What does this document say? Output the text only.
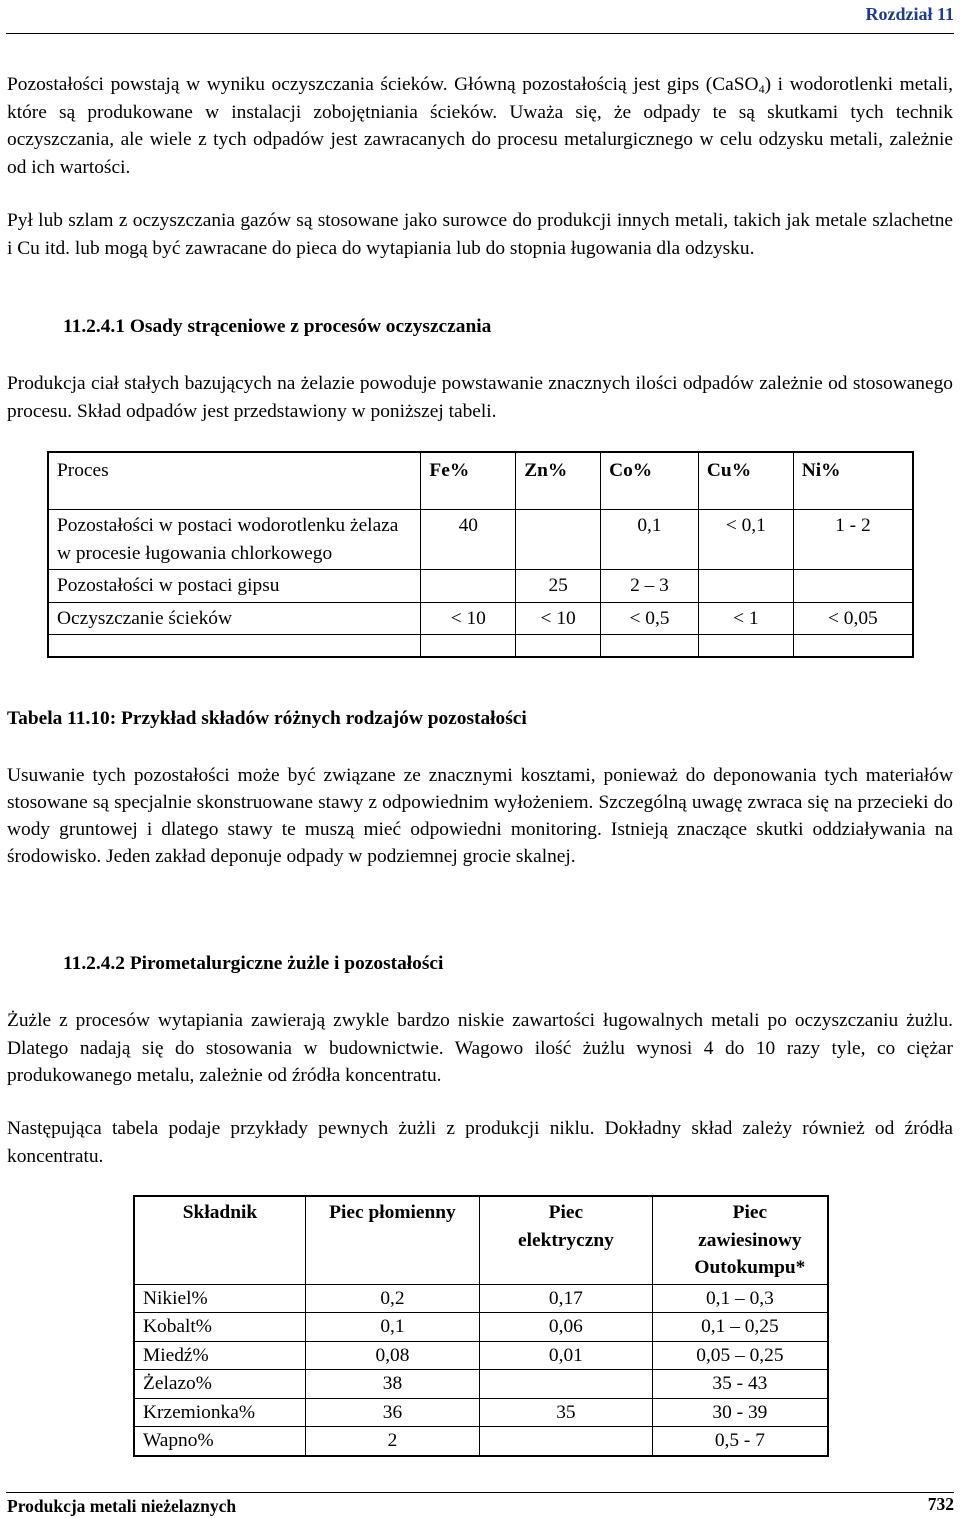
Rozdział 11

Pozostałości powstają w wyniku oczyszczania ścieków. Główną pozostałością jest gips (CaSO$_4$) i wodorotlenki metali, które są produkowane w instalacji zobojętniania ścieków. Uważa się, że odpady te są skutkami tych technik oczyszczania, ale wiele z tych odpadów jest zawracanych do procesu metalurgicznego w celu odzysku metali, zależnie od ich wartości.

Pył lub szlam z oczyszczania gazów są stosowane jako surowce do produkcji innych metali, takich jak metale szlachetne i Cu itd. lub mogą być zawracane do pieca do wytapiania lub do stopnia ługowania dla odzysku.

11.2.4.1 Osady strąceniowe z procesów oczyszczania

Produkcja ciał stałych bazujących na żelazie powoduje powstawanie znacznych ilości odpadów zależnie od stosowanego procesu. Skład odpadów jest przedstawiony w poniższej tabeli.

Proces	Fe%	Zn%	Co%	Cu%	Ni%
Pozostałości w postaci wodorotlenku żelaza w procesie ługowania chlorkowego	40		0,1	< 0,1	1 - 2
Pozostałości w postaci gipsu		25	2 – 3		
Oczyszczanie ścieków	< 10	< 10	< 0,5	< 1	< 0,05

Tabela 11.10: Przykład składów różnych rodzajów pozostałości

Usuwanie tych pozostałości może być związane ze znacznymi kosztami, ponieważ do deponowania tych materiałów stosowane są specjalnie skonstruowane stawy z odpowiednim wyłożeniem. Szczególną uwagę zwraca się na przecieki do wody gruntowej i dlatego stawy te muszą mieć odpowiedni monitoring. Istnieją znaczące skutki oddziaływania na środowisko. Jeden zakład deponuje odpady w podziemnej grocie skalnej.

11.2.4.2 Pirometalurgiczne żużle i pozostałości

Żużle z procesów wytapiania zawierają zwykle bardzo niskie zawartości ługowalnych metali po oczyszczaniu żużlu. Dlatego nadają się do stosowania w budownictwie. Wagowo ilość żużlu wynosi 4 do 10 razy tyle, co ciężar produkowanego metalu, zależnie od źródła koncentratu.

Następująca tabela podaje przykłady pewnych żużli z produkcji niklu. Dokładny skład zależy również od źródła koncentratu.

Składnik	Piec płomienny	Piec elektryczny	Piec zawiesinowy Outokumpu*
Nikiel%	0,2	0,17	0,1 – 0,3
Kobalt%	0,1	0,06	0,1 – 0,25
Miedź%	0,08	0,01	0,05 – 0,25
Żelazo%	38		35 - 43
Krzemionka%	36	35	30 - 39
Wapno%	2		0,5 - 7
Produkcja metali nieżelaznych	732
